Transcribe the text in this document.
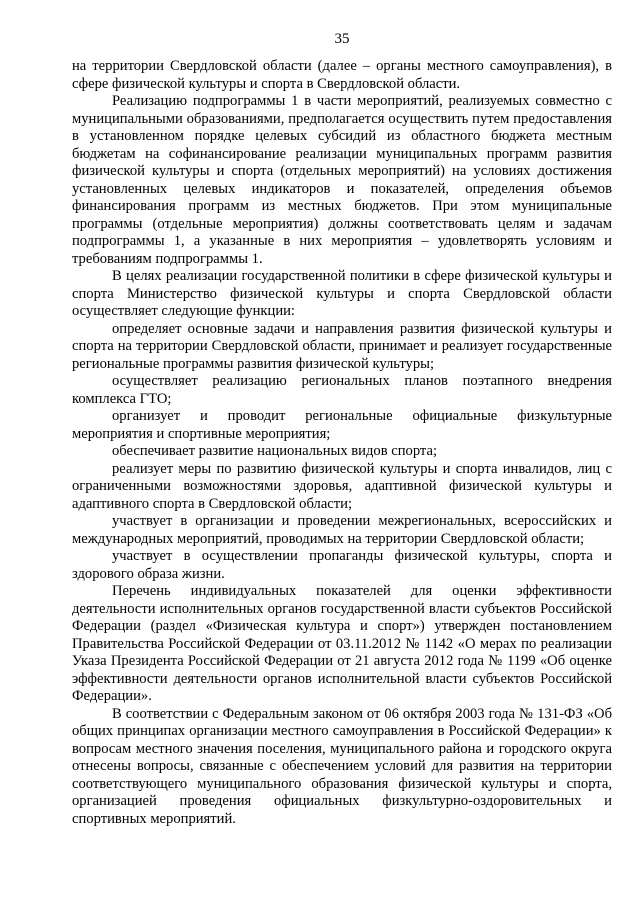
35

на территории Свердловской области (далее – органы местного самоуправления), в сфере физической культуры и спорта в Свердловской области.

Реализацию подпрограммы 1 в части мероприятий, реализуемых совместно с муниципальными образованиями, предполагается осуществить путем предоставления в установленном порядке целевых субсидий из областного бюджета местным бюджетам на софинансирование реализации муниципальных программ развития физической культуры и спорта (отдельных мероприятий) на условиях достижения установленных целевых индикаторов и показателей, определения объемов финансирования программ из местных бюджетов. При этом муниципальные программы (отдельные мероприятия) должны соответствовать целям и задачам подпрограммы 1, а указанные в них мероприятия – удовлетворять условиям и требованиям подпрограммы 1.

В целях реализации государственной политики в сфере физической культуры и спорта Министерство физической культуры и спорта Свердловской области осуществляет следующие функции:

определяет основные задачи и направления развития физической культуры и спорта на территории Свердловской области, принимает и реализует государственные региональные программы развития физической культуры;

осуществляет реализацию региональных планов поэтапного внедрения комплекса ГТО;

организует и проводит региональные официальные физкультурные мероприятия и спортивные мероприятия;

обеспечивает развитие национальных видов спорта;

реализует меры по развитию физической культуры и спорта инвалидов, лиц с ограниченными возможностями здоровья, адаптивной физической культуры и адаптивного спорта в Свердловской области;

участвует в организации и проведении межрегиональных, всероссийских и международных мероприятий, проводимых на территории Свердловской области;

участвует в осуществлении пропаганды физической культуры, спорта и здорового образа жизни.

Перечень индивидуальных показателей для оценки эффективности деятельности исполнительных органов государственной власти субъектов Российской Федерации (раздел «Физическая культура и спорт») утвержден постановлением Правительства Российской Федерации от 03.11.2012 № 1142 «О мерах по реализации Указа Президента Российской Федерации от 21 августа 2012 года № 1199 «Об оценке эффективности деятельности органов исполнительной власти субъектов Российской Федерации».

В соответствии с Федеральным законом от 06 октября 2003 года № 131-ФЗ «Об общих принципах организации местного самоуправления в Российской Федерации» к вопросам местного значения поселения, муниципального района и городского округа отнесены вопросы, связанные с обеспечением условий для развития на территории соответствующего муниципального образования физической культуры и спорта, организацией проведения официальных физкультурно-оздоровительных и спортивных мероприятий.
